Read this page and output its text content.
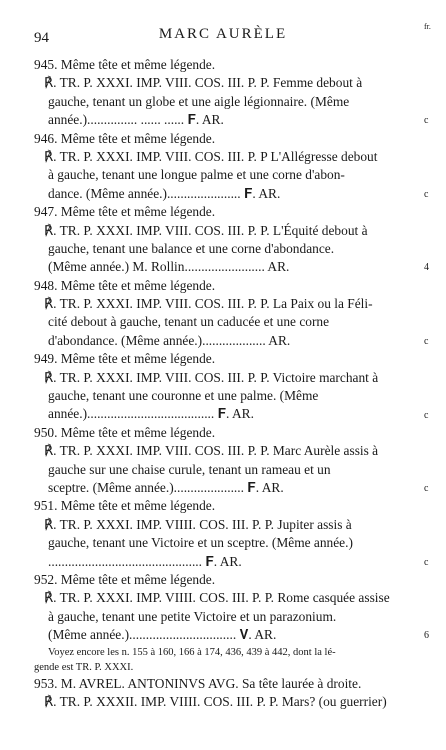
94	MARC AURÈLE	fr.
945. Même tête et même légende.
℟. TR. P. XXXI. IMP. VIII. COS. III. P. P. Femme debout à
gauche, tenant un globe et une aigle légionnaire. (Même
année.)............... ...... ...... 𝐅. AR.
946. Même tête et même légende.
℟. TR. P. XXXI. IMP. VIII. COS. III. P. P L'Allégresse debout
à gauche, tenant une longue palme et une corne d'abon-
dance. (Même année.)...................... 𝐅. AR.
947. Même tête et même légende.
℟. TR. P. XXXI. IMP. VIII. COS. III. P. P. L'Équité debout à
gauche, tenant une balance et une corne d'abondance.
(Même année.) M. Rollin........................ AR.
948. Même tête et même légende.
℟. TR. P. XXXI. IMP. VIII. COS. III. P. P. La Paix ou la Féli-
cité debout à gauche, tenant un caducée et une corne
d'abondance. (Même année.)................... AR.
949. Même tête et même légende.
℟. TR. P. XXXI. IMP. VIII. COS. III. P. P. Victoire marchant à
gauche, tenant une couronne et une palme. (Même
année.)...................................... 𝐅. AR.
950. Même tête et même légende.
℟. TR. P. XXXI. IMP. VIII. COS. III. P. P. Marc Aurèle assis à
gauche sur une chaise curule, tenant un rameau et un
sceptre. (Même année.)..................... 𝐅. AR.
951. Même tête et même légende.
℟. TR. P. XXXI. IMP. VIIII. COS. III. P. P. Jupiter assis à
gauche, tenant une Victoire et un sceptre. (Même année.)
.............................................. 𝐅. AR.
952. Même tête et même légende.
℟. TR. P. XXXI. IMP. VIIII. COS. III. P. P. Rome casquée assise
à gauche, tenant une petite Victoire et un parazonium.
(Même année.)................................ 𝐕. AR.
Voyez encore les n. 155 à 160, 166 à 174, 436, 439 à 442, dont la lé-
gende est TR. P. XXXI.
953. M. AVREL. ANTONINVS AVG. Sa tête laurée à droite.
℟. TR. P. XXXII. IMP. VIIII. COS. III. P. P. Mars? (ou guerrier)
c
c
4
c
c
c
c
6
